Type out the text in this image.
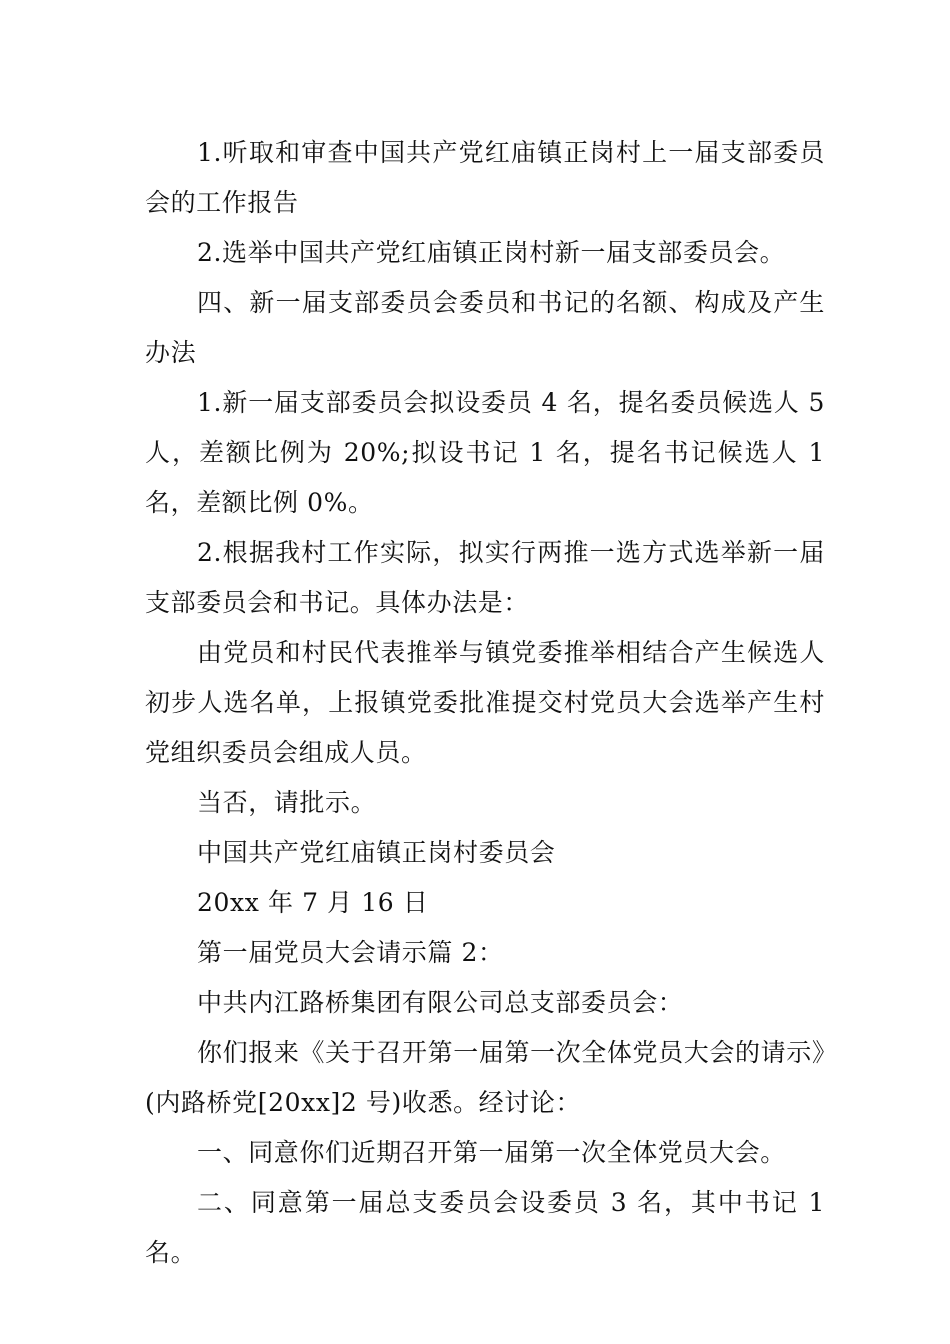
1.听取和审查中国共产党红庙镇正岗村上一届支部委员会的工作报告

2.选举中国共产党红庙镇正岗村新一届支部委员会。

四、新一届支部委员会委员和书记的名额、构成及产生办法

1.新一届支部委员会拟设委员 4 名，提名委员候选人 5 人，差额比例为 20%;拟设书记 1 名，提名书记候选人 1 名，差额比例 0%。

2.根据我村工作实际，拟实行两推一选方式选举新一届支部委员会和书记。具体办法是：

由党员和村民代表推举与镇党委推举相结合产生候选人初步人选名单，上报镇党委批准提交村党员大会选举产生村党组织委员会组成人员。

当否，请批示。

中国共产党红庙镇正岗村委员会

20xx 年 7 月 16 日

第一届党员大会请示篇 2：

中共内江路桥集团有限公司总支部委员会：

你们报来《关于召开第一届第一次全体党员大会的请示》(内路桥党[20xx]2 号)收悉。经讨论：

一、同意你们近期召开第一届第一次全体党员大会。

二、同意第一届总支委员会设委员 3 名，其中书记 1 名。
